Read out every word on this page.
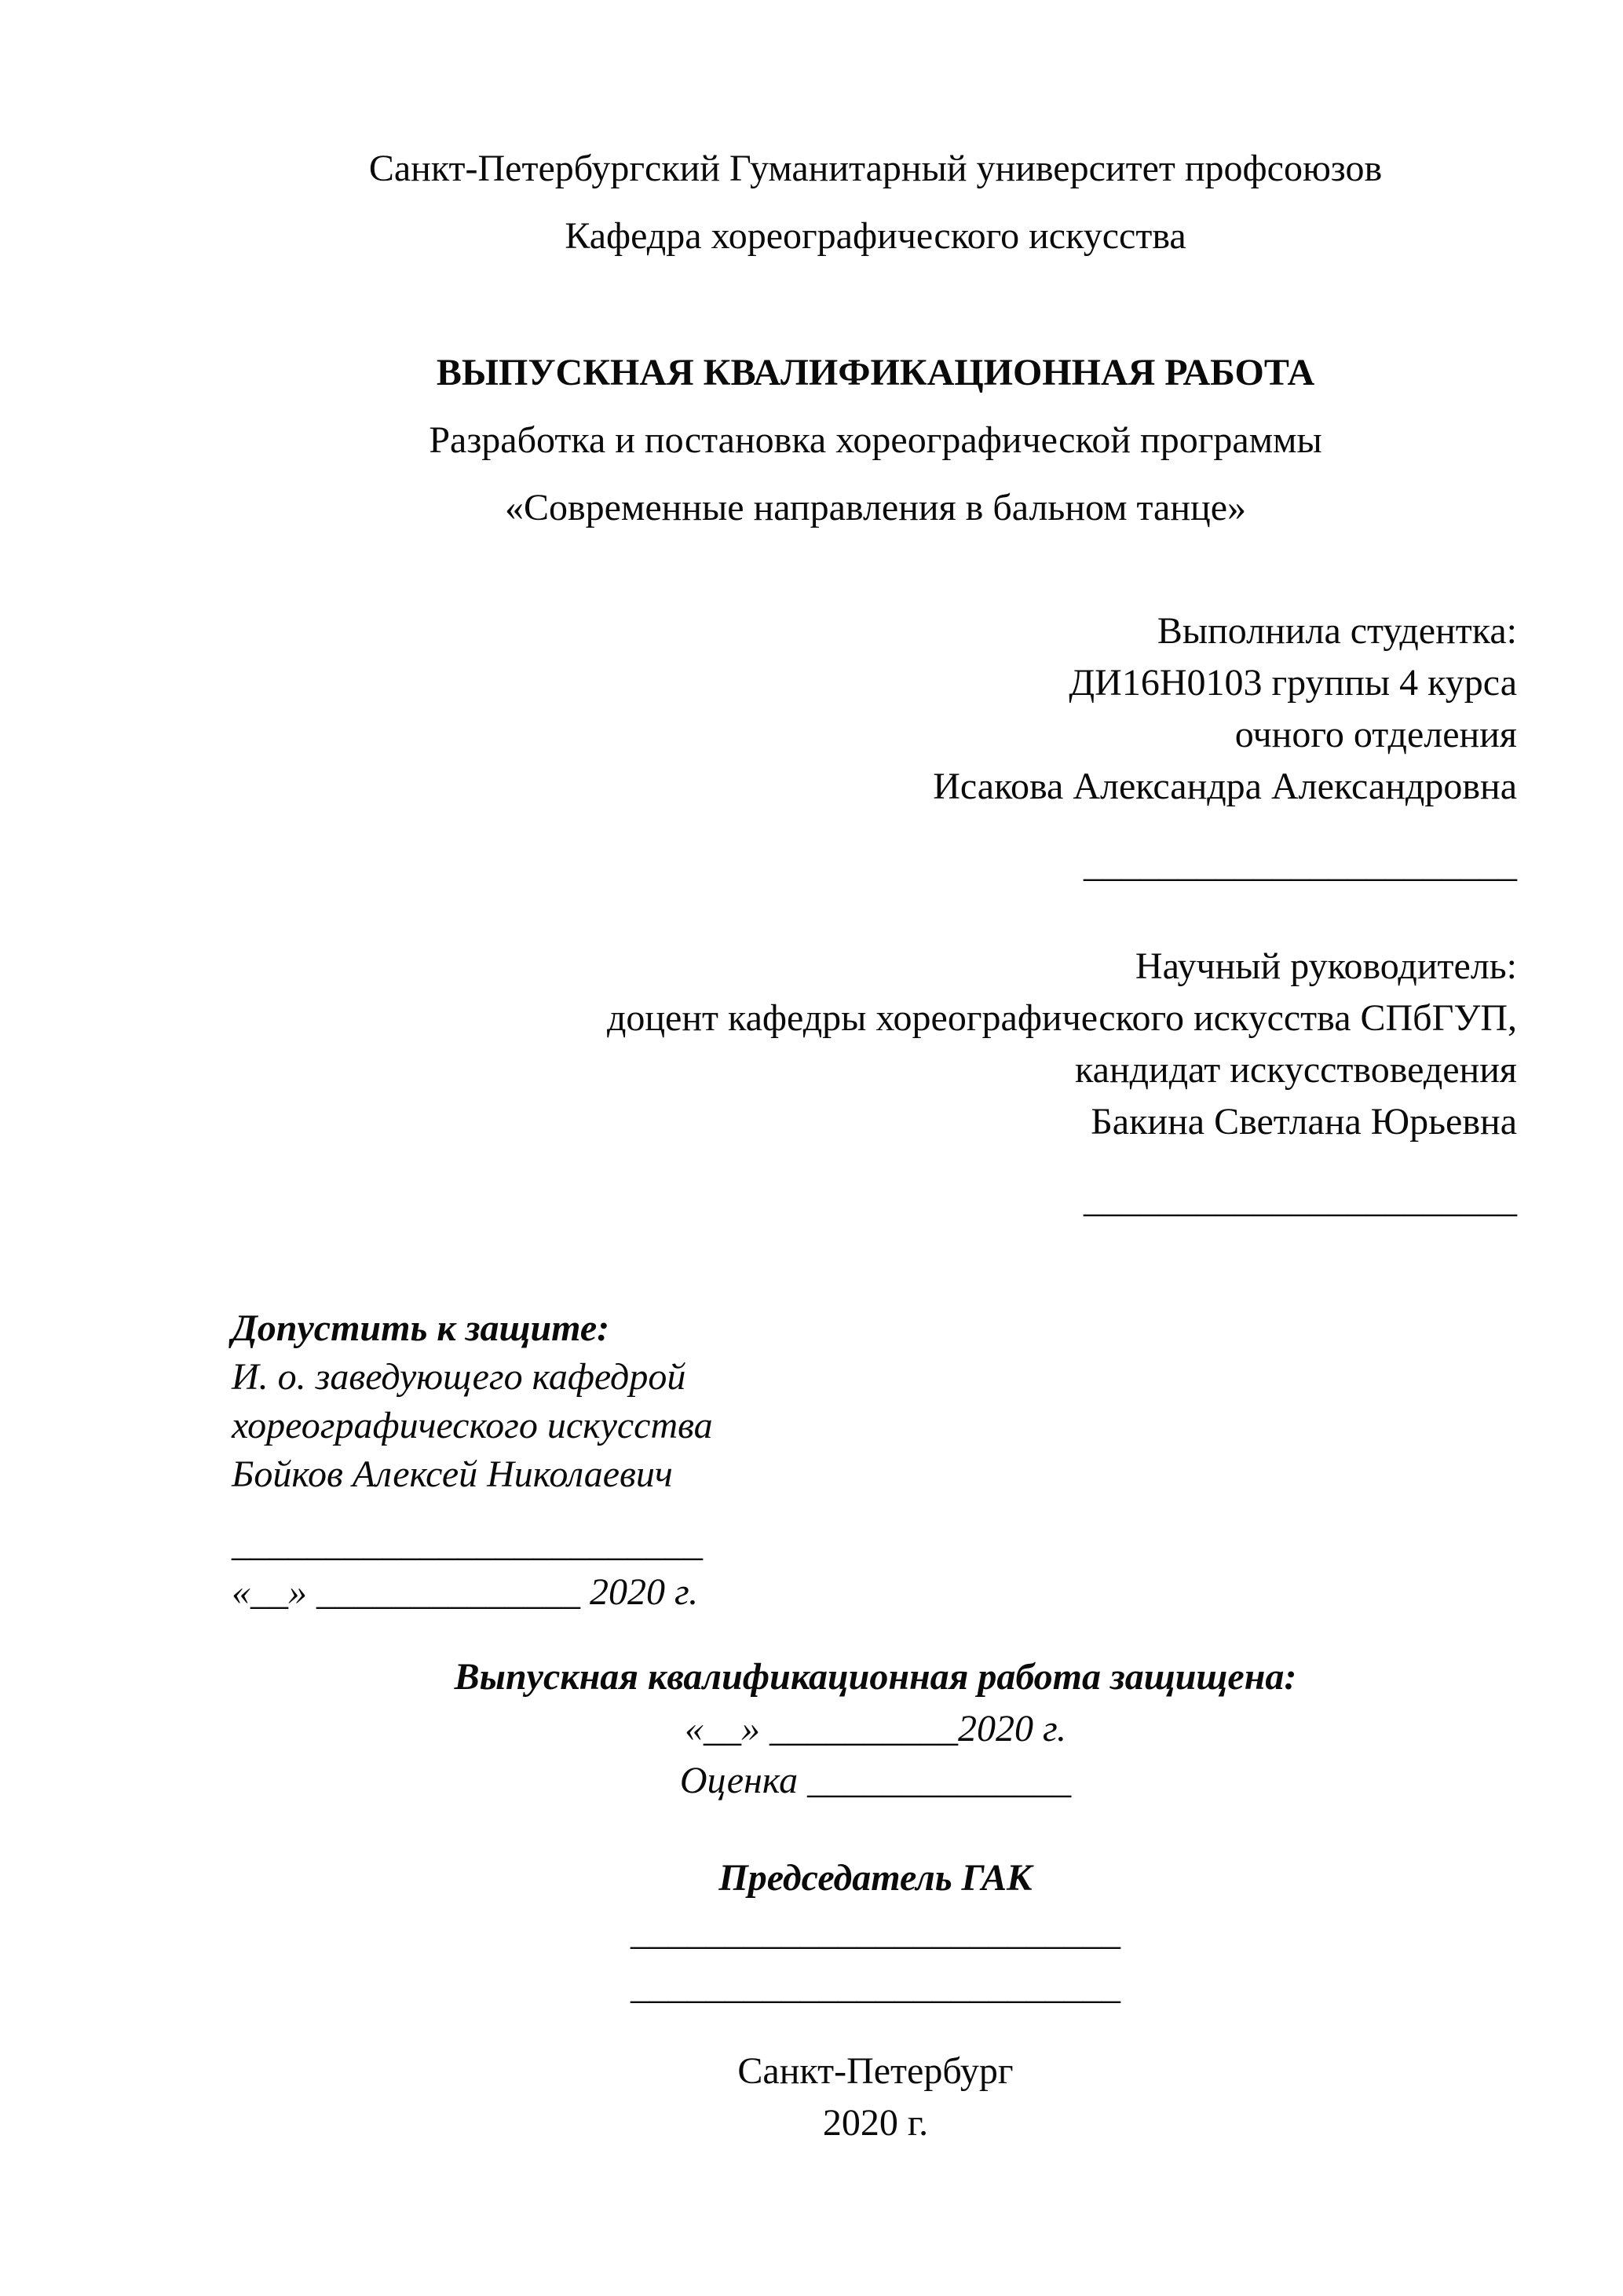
Санкт-Петербургский Гуманитарный университет профсоюзов
Кафедра хореографического искусства
ВЫПУСКНАЯ КВАЛИФИКАЦИОННАЯ РАБОТА
Разработка и постановка хореографической программы
«Современные направления в бальном танце»
Выполнила студентка:
ДИ16Н0103 группы 4 курса
очного отделения
Исакова Александра Александровна
_______________________
Научный руководитель:
доцент кафедры хореографического искусства СПбГУП,
кандидат искусствоведения
Бакина Светлана Юрьевна
_______________________
Допустить к защите:
И. о. заведующего кафедрой
хореографического искусства
Бойков Алексей Николаевич
_________________________
«__» ______________ 2020 г.
Выпускная квалификационная работа защищена:
«__» __________2020 г.
Оценка ______________
Председатель ГАК
__________________________
__________________________
Санкт-Петербург
2020 г.
